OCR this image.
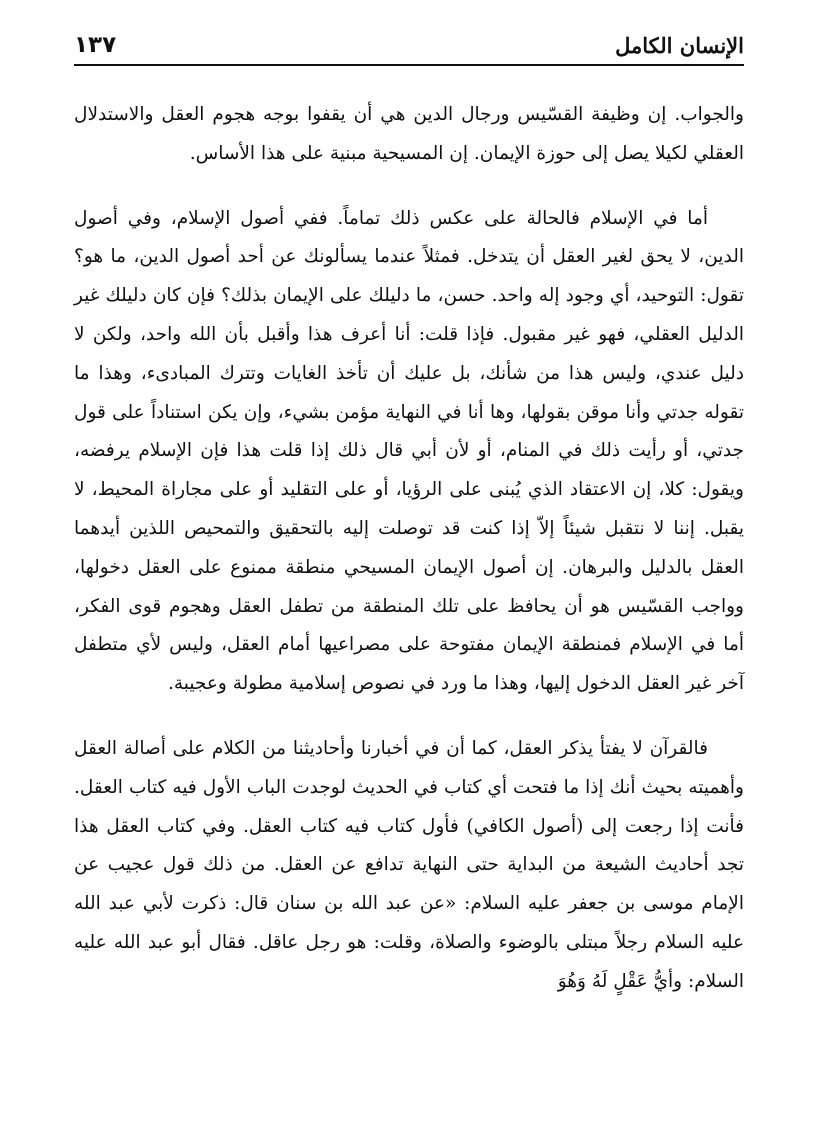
الإنسان الكامل
١٣٧

والجواب. إن وظيفة القسّيس ورجال الدين هي أن يقفوا بوجه هجوم العقل والاستدلال العقلي لكيلا يصل إلى حوزة الإيمان. إن المسيحية مبنية على هذا الأساس.

أما في الإسلام فالحالة على عكس ذلك تماماً. ففي أصول الإسلام، وفي أصول الدين، لا يحق لغير العقل أن يتدخل. فمثلاً عندما يسألونك عن أحد أصول الدين، ما هو؟ تقول: التوحيد، أي وجود إله واحد. حسن، ما دليلك على الإيمان بذلك؟ فإن كان دليلك غير الدليل العقلي، فهو غير مقبول. فإذا قلت: أنا أعرف هذا وأقبل بأن الله واحد، ولكن لا دليل عندي، وليس هذا من شأنك، بل عليك أن تأخذ الغايات وتترك المبادىء، وهذا ما تقوله جدتي وأنا موقن بقولها، وها أنا في النهاية مؤمن بشيء، وإن يكن استناداً على قول جدتي، أو رأيت ذلك في المنام، أو لأن أبي قال ذلك إذا قلت هذا فإن الإسلام يرفضه، ويقول: كلا، إن الاعتقاد الذي يُبنى على الرؤيا، أو على التقليد أو على مجاراة المحيط، لا يقبل. إننا لا نتقبل شيئاً إلاّ إذا كنت قد توصلت إليه بالتحقيق والتمحيص اللذين أيدهما العقل بالدليل والبرهان. إن أصول الإيمان المسيحي منطقة ممنوع على العقل دخولها، وواجب القسّيس هو أن يحافظ على تلك المنطقة من تطفل العقل وهجوم قوى الفكر، أما في الإسلام فمنطقة الإيمان مفتوحة على مصراعيها أمام العقل، وليس لأي متطفل آخر غير العقل الدخول إليها، وهذا ما ورد في نصوص إسلامية مطولة وعجيبة.

فالقرآن لا يفتأ يذكر العقل، كما أن في أخبارنا وأحاديثنا من الكلام على أصالة العقل وأهميته بحيث أنك إذا ما فتحت أي كتاب في الحديث لوجدت الباب الأول فيه كتاب العقل. فأنت إذا رجعت إلى (أصول الكافي) فأول كتاب فيه كتاب العقل. وفي كتاب العقل هذا تجد أحاديث الشيعة من البداية حتى النهاية تدافع عن العقل. من ذلك قول عجيب عن الإمام موسى بن جعفر عليه السلام: «عن عبد الله بن سنان قال: ذكرت لأبي عبد الله عليه السلام رجلاً مبتلى بالوضوء والصلاة، وقلت: هو رجل عاقل. فقال أبو عبد الله عليه السلام: وأيُّ عَقْلٍ لَهُ وَهُوَ
